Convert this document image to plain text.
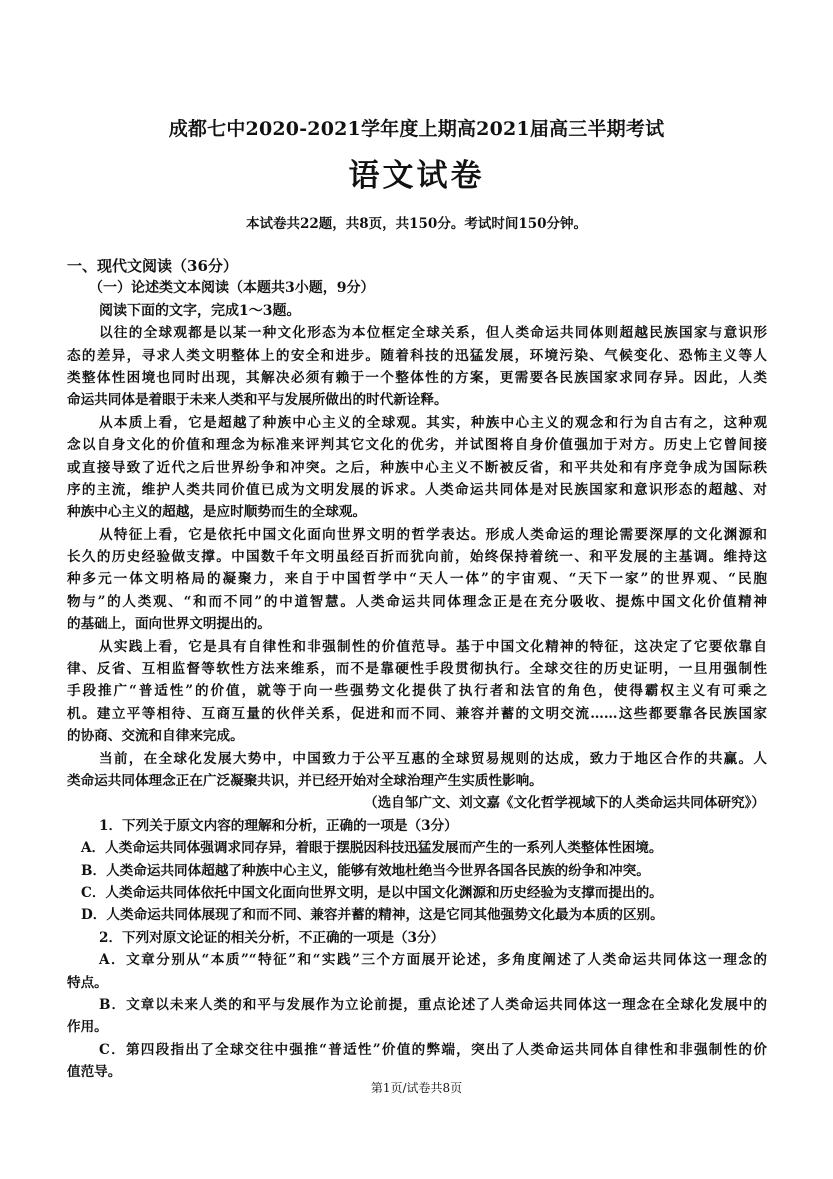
成都七中2020-2021学年度上期高2021届高三半期考试
语文试卷
本试卷共22题，共8页，共150分。考试时间150分钟。
一、现代文阅读（36分）
（一）论述类文本阅读（本题共3小题，9分）
阅读下面的文字，完成1～3题。
以往的全球观都是以某一种文化形态为本位框定全球关系，但人类命运共同体则超越民族国家与意识形
态的差异，寻求人类文明整体上的安全和进步。随着科技的迅猛发展，环境污染、气候变化、恐怖主义等人
类整体性困境也同时出现，其解决必须有赖于一个整体性的方案，更需要各民族国家求同存异。因此，人类
命运共同体是着眼于未来人类和平与发展所做出的时代新诠释。
从本质上看，它是超越了种族中心主义的全球观。其实，种族中心主义的观念和行为自古有之，这种观
念以自身文化的价值和理念为标准来评判其它文化的优劣，并试图将自身价值强加于对方。历史上它曾间接
或直接导致了近代之后世界纷争和冲突。之后，种族中心主义不断被反省，和平共处和有序竞争成为国际秩
序的主流，维护人类共同价值已成为文明发展的诉求。人类命运共同体是对民族国家和意识形态的超越、对
种族中心主义的超越，是应时顺势而生的全球观。
从特征上看，它是依托中国文化面向世界文明的哲学表达。形成人类命运的理论需要深厚的文化渊源和
长久的历史经验做支撑。中国数千年文明虽经百折而犹向前，始终保持着统一、和平发展的主基调。维持这
种多元一体文明格局的凝聚力，来自于中国哲学中“天人一体”的宇宙观、“天下一家”的世界观、“民胞
物与”的人类观、“和而不同”的中道智慧。人类命运共同体理念正是在充分吸收、提炼中国文化价值精神
的基础上，面向世界文明提出的。
从实践上看，它是具有自律性和非强制性的价值范导。基于中国文化精神的特征，这决定了它要依靠自
律、反省、互相监督等软性方法来维系，而不是靠硬性手段贯彻执行。全球交往的历史证明，一旦用强制性
手段推广“普适性”的价值，就等于向一些强势文化提供了执行者和法官的角色，使得霸权主义有可乘之
机。建立平等相待、互商互量的伙伴关系，促进和而不同、兼容并蓄的文明交流……这些都要靠各民族国家
的协商、交流和自律来完成。
当前，在全球化发展大势中，中国致力于公平互惠的全球贸易规则的达成，致力于地区合作的共赢。人
类命运共同体理念正在广泛凝聚共识，并已经开始对全球治理产生实质性影响。
（选自邹广文、刘文嘉《文化哲学视域下的人类命运共同体研究》）
1．下列关于原文内容的理解和分析，正确的一项是（3分）
A．人类命运共同体强调求同存异，着眼于摆脱因科技迅猛发展而产生的一系列人类整体性困境。
B．人类命运共同体超越了种族中心主义，能够有效地杜绝当今世界各国各民族的纷争和冲突。
C．人类命运共同体依托中国文化面向世界文明，是以中国文化渊源和历史经验为支撑而提出的。
D．人类命运共同体展现了和而不同、兼容并蓄的精神，这是它同其他强势文化最为本质的区别。
2．下列对原文论证的相关分析，不正确的一项是（3分）
A．文章分别从“本质”“特征”和“实践”三个方面展开论述，多角度阐述了人类命运共同体这一理念的
特点。
B．文章以未来人类的和平与发展作为立论前提，重点论述了人类命运共同体这一理念在全球化发展中的
作用。
C．第四段指出了全球交往中强推“普适性”价值的弊端，突出了人类命运共同体自律性和非强制性的价
值范导。
第1页/试卷共8页
